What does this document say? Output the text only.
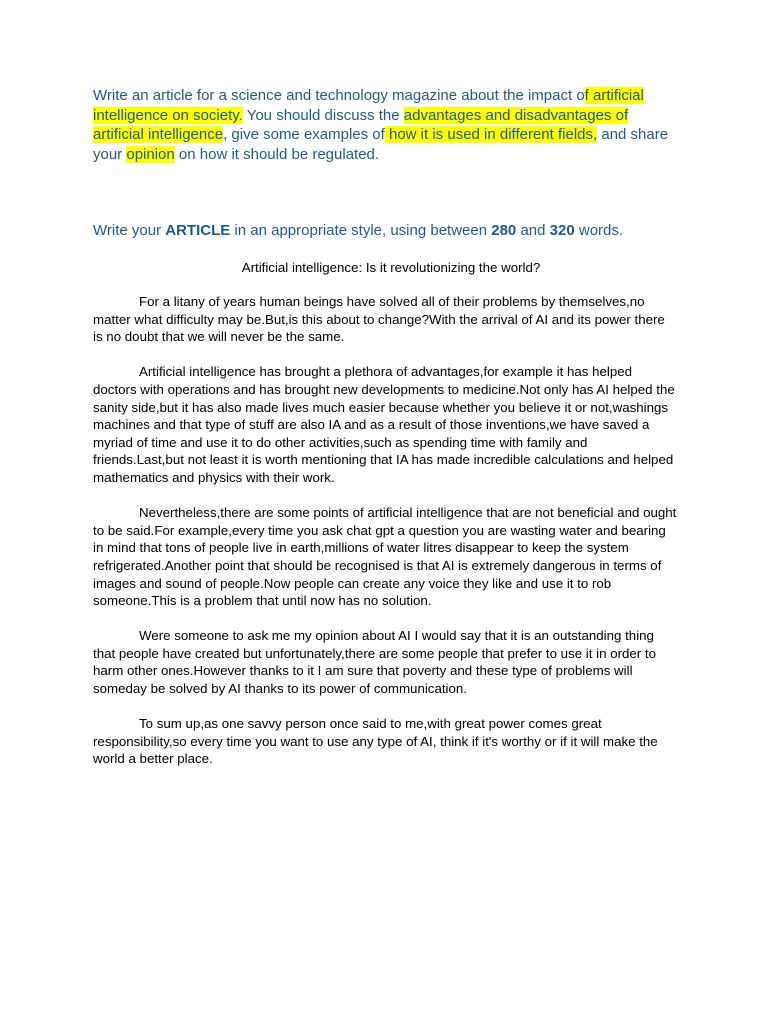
Write an article for a science and technology magazine about the impact of artificial intelligence on society. You should discuss the advantages and disadvantages of artificial intelligence, give some examples of how it is used in different fields, and share your opinion on how it should be regulated.
Write your ARTICLE in an appropriate style, using between 280 and 320 words.
Artificial intelligence: Is it revolutionizing the world?

For a litany of years human beings have solved all of their problems by themselves,no matter what difficulty may be.But,is this about to change?With the arrival of AI and its power there is no doubt that we will never be the same.

Artificial intelligence has brought a plethora of advantages,for example it has helped doctors with operations and has brought new developments to medicine.Not only has AI helped the sanity side,but it has also made lives much easier because whether you believe it or not,washings machines and that type of stuff are also IA and as a result of those inventions,we have saved a myriad of time and use it to do other activities,such as spending time with family and friends.Last,but not least it is worth mentioning that IA has made incredible calculations and helped mathematics and physics with their work.

Nevertheless,there are some points of artificial intelligence that are not beneficial and ought to be said.For example,every time you ask chat gpt a question you are wasting water and bearing in mind that tons of people live in earth,millions of water litres disappear to keep the system refrigerated.Another point that should be recognised is that AI is extremely dangerous in terms of images and sound of people.Now people can create any voice they like and use it to rob someone.This is a problem that until now has no solution.

Were someone to ask me my opinion about AI I would say that it is an outstanding thing that people have created but unfortunately,there are some people that prefer to use it in order to harm other ones.However thanks to it I am sure that poverty and these type of problems will someday be solved by AI thanks to its power of communication.

To sum up,as one savvy person once said to me,with great power comes great responsibility,so every time you want to use any type of AI, think if it's worthy or if it will make the world a better place.
